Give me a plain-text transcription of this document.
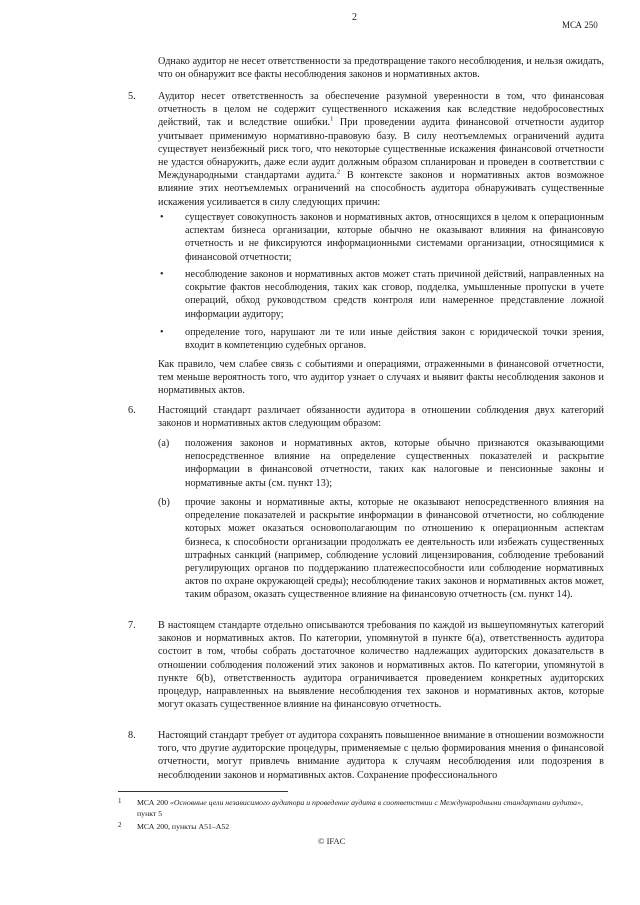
2
МСА 250
Однако аудитор не несет ответственности за предотвращение такого несоблюдения, и нельзя ожидать, что он обнаружит все факты несоблюдения законов и нормативных актов.
5. Аудитор несет ответственность за обеспечение разумной уверенности в том, что финансовая отчетность в целом не содержит существенного искажения как вследствие недобросовестных действий, так и вследствие ошибки.$^1$ При проведении аудита финансовой отчетности аудитор учитывает применимую нормативно-правовую базу. В силу неотъемлемых ограничений аудита существует неизбежный риск того, что некоторые существенные искажения финансовой отчетности не удастся обнаружить, даже если аудит должным образом спланирован и проведен в соответствии с Международными стандартами аудита.$^2$ В контексте законов и нормативных актов возможное влияние этих неотъемлемых ограничений на способность аудитора обнаруживать существенные искажения усиливается в силу следующих причин:
• существует совокупность законов и нормативных актов, относящихся в целом к операционным аспектам бизнеса организации, которые обычно не оказывают влияния на финансовую отчетность и не фиксируются информационными системами организации, относящимися к финансовой отчетности;
• несоблюдение законов и нормативных актов может стать причиной действий, направленных на сокрытие фактов несоблюдения, таких как сговор, подделка, умышленные пропуски в учете операций, обход руководством средств контроля или намеренное представление ложной информации аудитору;
• определение того, нарушают ли те или иные действия закон с юридической точки зрения, входит в компетенцию судебных органов.
Как правило, чем слабее связь с событиями и операциями, отраженными в финансовой отчетности, тем меньше вероятность того, что аудитор узнает о случаях и выявит факты несоблюдения законов и нормативных актов.
6. Настоящий стандарт различает обязанности аудитора в отношении соблюдения двух категорий законов и нормативных актов следующим образом:
(a) положения законов и нормативных актов, которые обычно признаются оказывающими непосредственное влияние на определение существенных показателей и раскрытие информации в финансовой отчетности, таких как налоговые и пенсионные законы и нормативные акты (см. пункт 13);
(b) прочие законы и нормативные акты, которые не оказывают непосредственного влияния на определение показателей и раскрытие информации в финансовой отчетности, но соблюдение которых может оказаться основополагающим по отношению к операционным аспектам бизнеса, к способности организации продолжать ее деятельность или избежать существенных штрафных санкций (например, соблюдение условий лицензирования, соблюдение требований регулирующих органов по поддержанию платежеспособности или соблюдение нормативных актов по охране окружающей среды); несоблюдение таких законов и нормативных актов может, таким образом, оказать существенное влияние на финансовую отчетность (см. пункт 14).
7. В настоящем стандарте отдельно описываются требования по каждой из вышеупомянутых категорий законов и нормативных актов. По категории, упомянутой в пункте 6(a), ответственность аудитора состоит в том, чтобы собрать достаточное количество надлежащих аудиторских доказательств в отношении соблюдения положений этих законов и нормативных актов. По категории, упомянутой в пункте 6(b), ответственность аудитора ограничивается проведением конкретных аудиторских процедур, направленных на выявление несоблюдения тех законов и нормативных актов, которые могут оказать существенное влияние на финансовую отчетность.
8. Настоящий стандарт требует от аудитора сохранять повышенное внимание в отношении возможности того, что другие аудиторские процедуры, применяемые с целью формирования мнения о финансовой отчетности, могут привлечь внимание аудитора к случаям несоблюдения или подозрения в несоблюдении законов и нормативных актов. Сохранение профессионального
1 МСА 200 «Основные цели независимого аудитора и проведение аудита в соответствии с Международными стандартами аудита», пункт 5
2 МСА 200, пункты A51–A52
© IFAC
